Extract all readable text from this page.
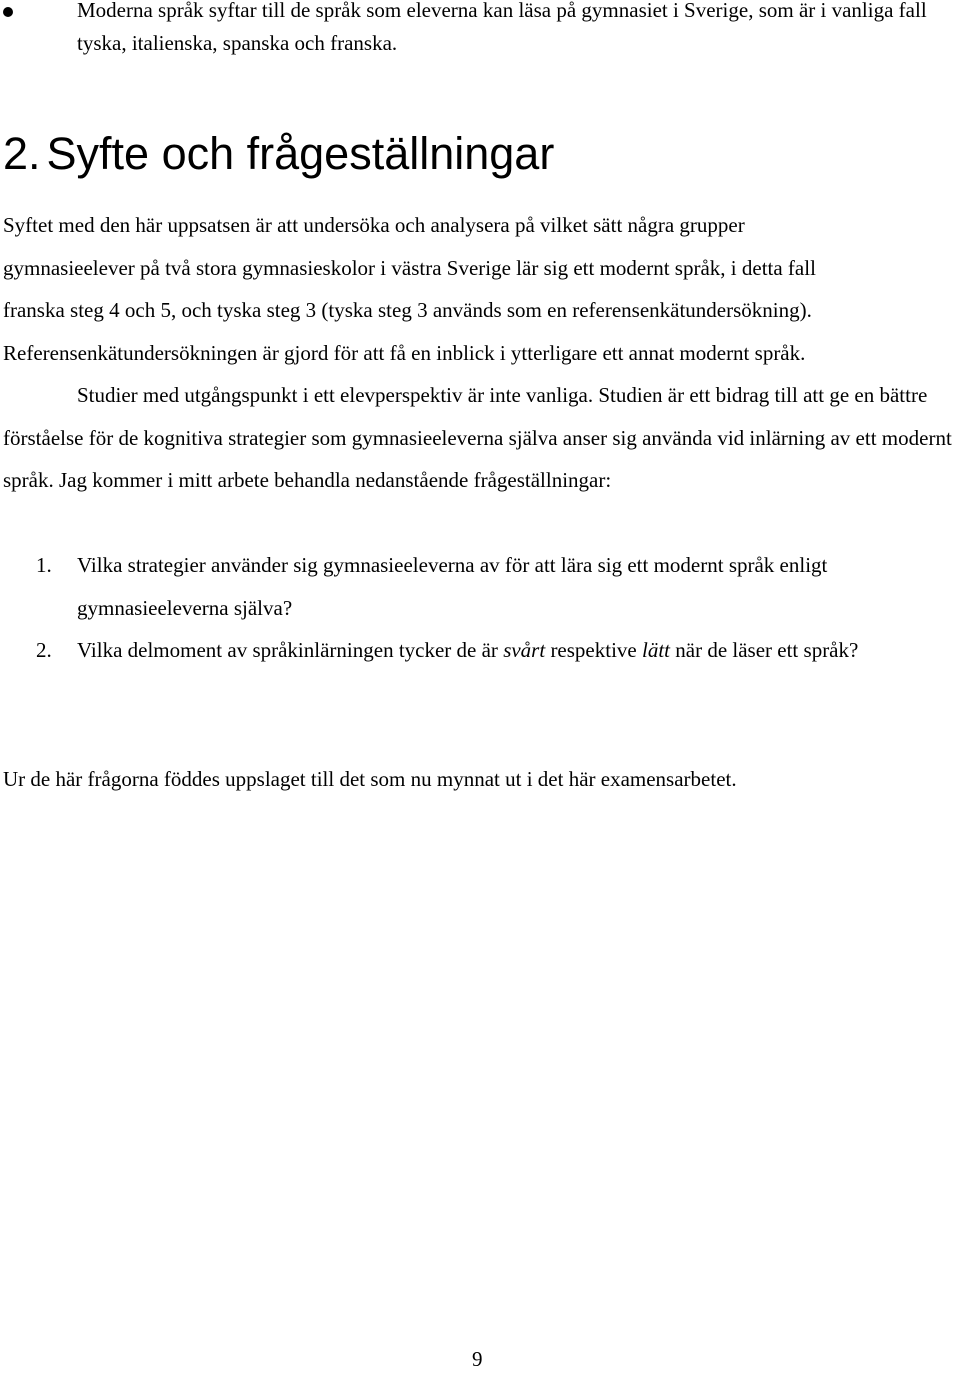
Moderna språk syftar till de språk som eleverna kan läsa på gymnasiet i Sverige, som är i vanliga fall tyska, italienska, spanska och franska.
2. Syfte och frågeställningar
Syftet med den här uppsatsen är att undersöka och analysera på vilket sätt några grupper
gymnasieelever på två stora gymnasieskolor i västra Sverige lär sig ett modernt språk, i detta fall
franska steg 4 och 5, och tyska steg 3 (tyska steg 3 används som en referensenkätundersökning).
Referensenkätundersökningen är gjord för att få en inblick i ytterligare ett annat modernt språk.
Studier med utgångspunkt i ett elevperspektiv är inte vanliga. Studien är ett bidrag till att ge en bättre förståelse för de kognitiva strategier som gymnasieeleverna själva anser sig använda vid inlärning av ett modernt språk. Jag kommer i mitt arbete behandla nedanstående frågeställningar:
1. Vilka strategier använder sig gymnasieeleverna av för att lära sig ett modernt språk enligt gymnasieeleverna själva?
2. Vilka delmoment av språkinlärningen tycker de är svårt respektive lätt när de läser ett språk?
Ur de här frågorna föddes uppslaget till det som nu mynnat ut i det här examensarbetet.
9
